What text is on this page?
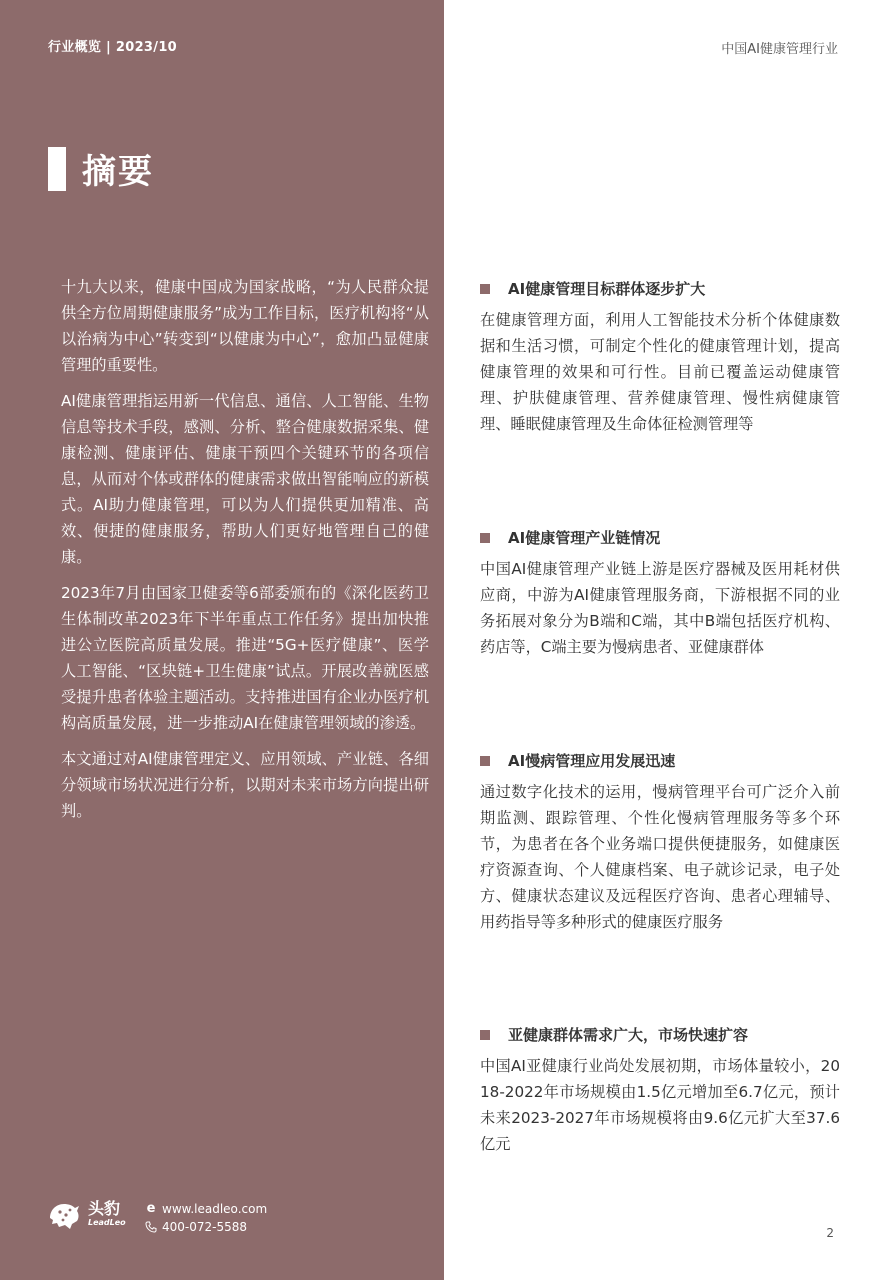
行业概览 | 2023/10	中国AI健康管理行业
摘要

十九大以来，健康中国成为国家战略，“为人民群众提供全方位周期健康服务”成为工作目标，医疗机构将“从以治病为中心”转变到“以健康为中心”，愈加凸显健康管理的重要性。

AI健康管理指运用新一代信息、通信、人工智能、生物信息等技术手段，感测、分析、整合健康数据采集、健康检测、健康评估、健康干预四个关键环节的各项信息，从而对个体或群体的健康需求做出智能响应的新模式。AI助力健康管理，可以为人们提供更加精准、高效、便捷的健康服务，帮助人们更好地管理自己的健康。

2023年7月由国家卫健委等6部委颁布的《深化医药卫生体制改革2023年下半年重点工作任务》提出加快推进公立医院高质量发展。推进“5G+医疗健康”、医学人工智能、“区块链+卫生健康”试点。开展改善就医感受提升患者体验主题活动。支持推进国有企业办医疗机构高质量发展，进一步推动AI在健康管理领域的渗透。

本文通过对AI健康管理定义、应用领域、产业链、各细分领域市场状况进行分析，以期对未来市场方向提出研判。

AI健康管理目标群体逐步扩大
在健康管理方面，利用人工智能技术分析个体健康数据和生活习惯，可制定个性化的健康管理计划，提高健康管理的效果和可行性。目前已覆盖运动健康管理、护肤健康管理、营养健康管理、慢性病健康管理、睡眠健康管理及生命体征检测管理等
AI健康管理产业链情况
中国AI健康管理产业链上游是医疗器械及医用耗材供应商，中游为AI健康管理服务商，下游根据不同的业务拓展对象分为B端和C端，其中B端包括医疗机构、药店等，C端主要为慢病患者、亚健康群体
AI慢病管理应用发展迅速
通过数字化技术的运用，慢病管理平台可广泛介入前期监测、跟踪管理、个性化慢病管理服务等多个环节，为患者在各个业务端口提供便捷服务，如健康医疗资源查询、个人健康档案、电子就诊记录，电子处方、健康状态建议及远程医疗咨询、患者心理辅导、用药指导等多种形式的健康医疗服务
亚健康群体需求广大，市场快速扩容
中国AI亚健康行业尚处发展初期，市场体量较小，2018-2022年市场规模由1.5亿元增加至6.7亿元，预计未来2023-2027年市场规模将由9.6亿元扩大至37.6亿元
头豹
LeadLeo
e www.leadleo.com
400-072-5588	2
